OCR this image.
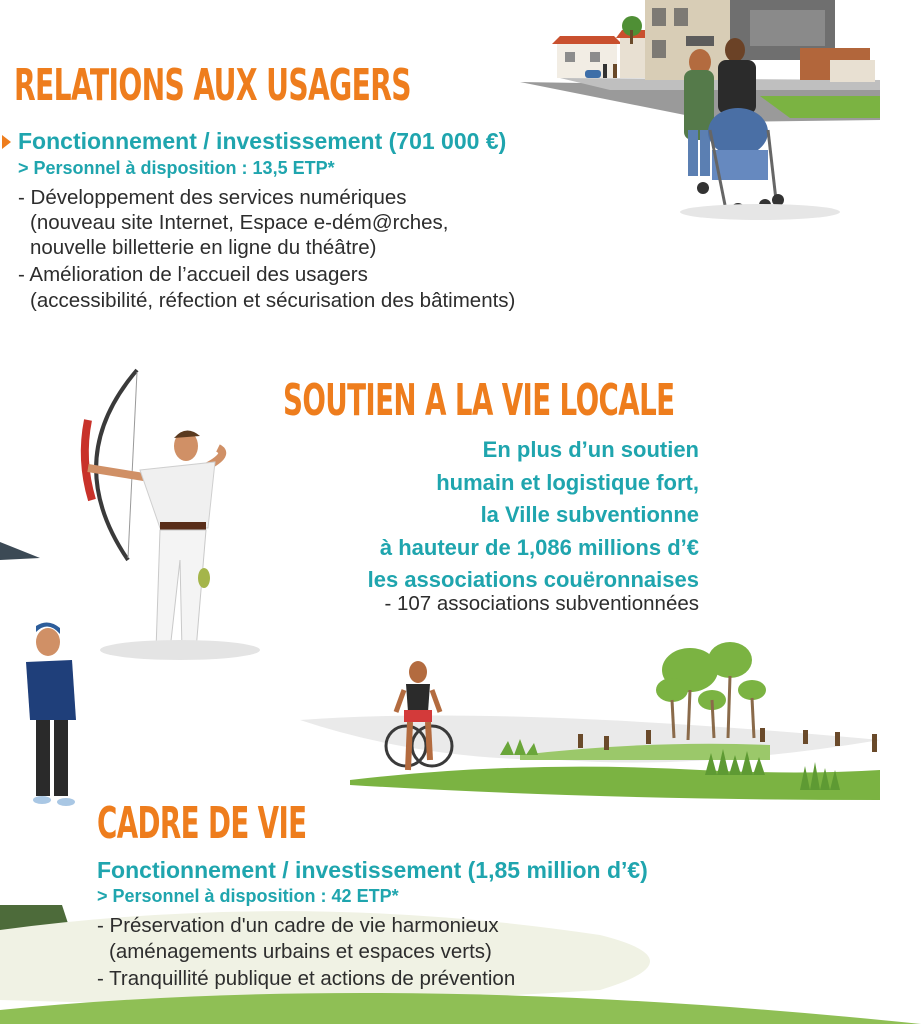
RELATIONS AUX USAGERS
Fonctionnement / investissement (701 000 €)
> Personnel à disposition : 13,5 ETP*
- Développement des services numériques
(nouveau site Internet, Espace e-dém@rches,
nouvelle billetterie en ligne du théâtre)
- Amélioration de l’accueil des usagers
(accessibilité, réfection et sécurisation des bâtiments)
SOUTIEN A LA VIE LOCALE
En plus d’un soutien
humain et logistique fort,
la Ville subventionne
à hauteur de 1,086 millions d’€
les associations couëronnaises
- 107 associations subventionnées
CADRE DE VIE
Fonctionnement / investissement (1,85 million d’€)
> Personnel à disposition : 42 ETP*
- Préservation d'un cadre de vie harmonieux
(aménagements urbains et espaces verts)
- Tranquillité publique et actions de prévention
